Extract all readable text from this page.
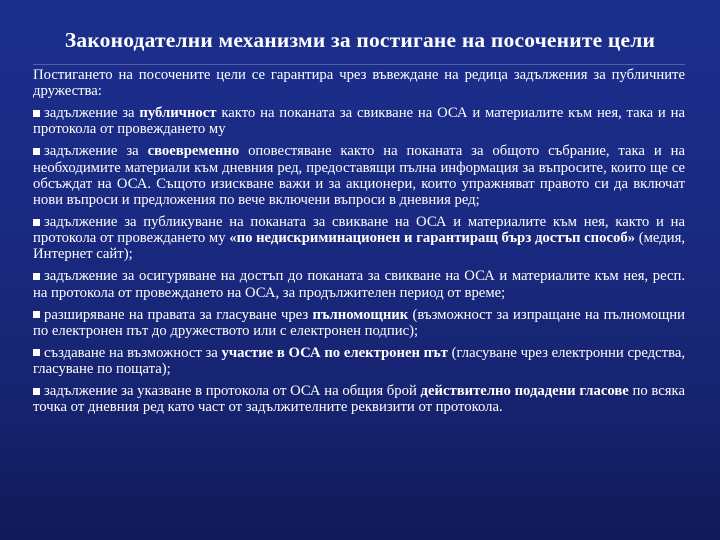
Законодателни механизми за постигане на посочените цели

Постигането на посочените цели се гарантира чрез въвеждане на редица задължения за публичните дружества:

задължение за публичност както на поканата за свикване на ОСА и материалите към нея, така и на протокола от провеждането му

задължение за своевременно оповестяване както на поканата за общото събрание, така и на необходимите материали към дневния ред, предоставящи пълна информация за въпросите, които ще се обсъждат на ОСА. Същото изискване важи и за акционери, които упражняват правото си да включат нови въпроси и предложения по вече включени въпроси в дневния ред;

задължение за публикуване на поканата за свикване на ОСА и материалите към нея, както и на протокола от провеждането му «по недискриминационен и гарантиращ бърз достъп способ» (медия, Интернет сайт);

задължение за осигуряване на достъп до поканата за свикване на ОСА и материалите към нея, респ. на протокола от провеждането на ОСА, за продължителен период от време;

разширяване на правата за гласуване чрез пълномощник (възможност за изпращане на пълномощни по електронен път до дружеството или с електронен подпис);

създаване на възможност за участие в ОСА по електронен път (гласуване чрез електронни средства, гласуване по пощата);

задължение за указване в протокола от ОСА на общия брой действително подадени гласове по всяка точка от дневния ред като част от задължителните реквизити от протокола.
